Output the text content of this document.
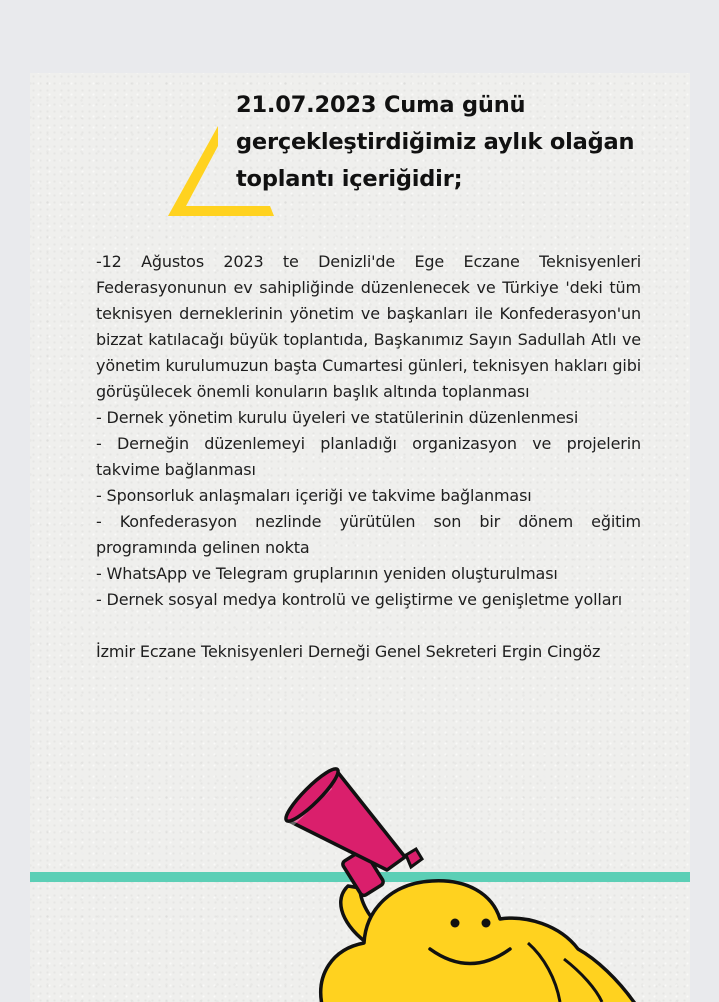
21.07.2023 Cuma günü gerçekleştirdiğimiz aylık olağan toplantı içeriğidir;

-12 Ağustos 2023 te Denizli'de Ege Eczane Teknisyenleri Federasyonunun ev sahipliğinde düzenlenecek ve Türkiye 'deki tüm teknisyen derneklerinin yönetim ve başkanları ile Konfederasyon'un bizzat katılacağı büyük toplantıda, Başkanımız Sayın Sadullah Atlı ve yönetim kurulumuzun başta Cumartesi günleri, teknisyen hakları gibi görüşülecek önemli konuların başlık altında toplanması

- Dernek yönetim kurulu üyeleri ve statülerinin düzenlenmesi

- Derneğin düzenlemeyi planladığı organizasyon ve projelerin takvime bağlanması

- Sponsorluk anlaşmaları içeriği ve takvime bağlanması

- Konfederasyon nezlinde yürütülen son bir dönem eğitim programında gelinen nokta

- WhatsApp ve Telegram gruplarının yeniden oluşturulması

- Dernek sosyal medya kontrolü ve geliştirme ve genişletme yolları

İzmir Eczane Teknisyenleri Derneği Genel Sekreteri Ergin Cingöz
